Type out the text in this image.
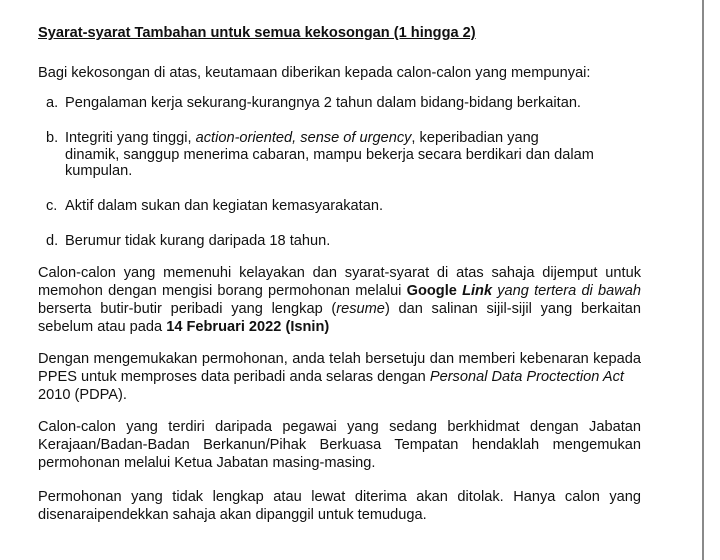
Syarat-syarat Tambahan untuk semua kekosongan (1 hingga 2)
Bagi kekosongan di atas, keutamaan diberikan kepada calon-calon yang mempunyai:
a. Pengalaman kerja sekurang-kurangnya 2 tahun dalam bidang-bidang berkaitan.
b. Integriti yang tinggi, action-oriented, sense of urgency, keperibadian yang
dinamik, sanggup menerima cabaran, mampu bekerja secara berdikari dan dalam
kumpulan.
c. Aktif dalam sukan dan kegiatan kemasyarakatan.
d. Berumur tidak kurang daripada 18 tahun.
Calon-calon yang memenuhi kelayakan dan syarat-syarat di atas sahaja dijemput untuk
memohon dengan mengisi borang permohonan melalui Google Link yang tertera di bawah
berserta butir-butir peribadi yang lengkap (resume) dan salinan sijil-sijil yang berkaitan
sebelum atau pada 14 Februari 2022 (Isnin)
Dengan mengemukakan permohonan, anda telah bersetuju dan memberi kebenaran kepada
PPES untuk memproses data peribadi anda selaras dengan Personal Data Proctection Act
2010 (PDPA).
Calon-calon yang terdiri daripada pegawai yang sedang berkhidmat dengan Jabatan
Kerajaan/Badan-Badan Berkanun/Pihak Berkuasa Tempatan hendaklah mengemukan
permohonan melalui Ketua Jabatan masing-masing.
Permohonan yang tidak lengkap atau lewat diterima akan ditolak. Hanya calon yang
disenaraipendekkan sahaja akan dipanggil untuk temuduga.
